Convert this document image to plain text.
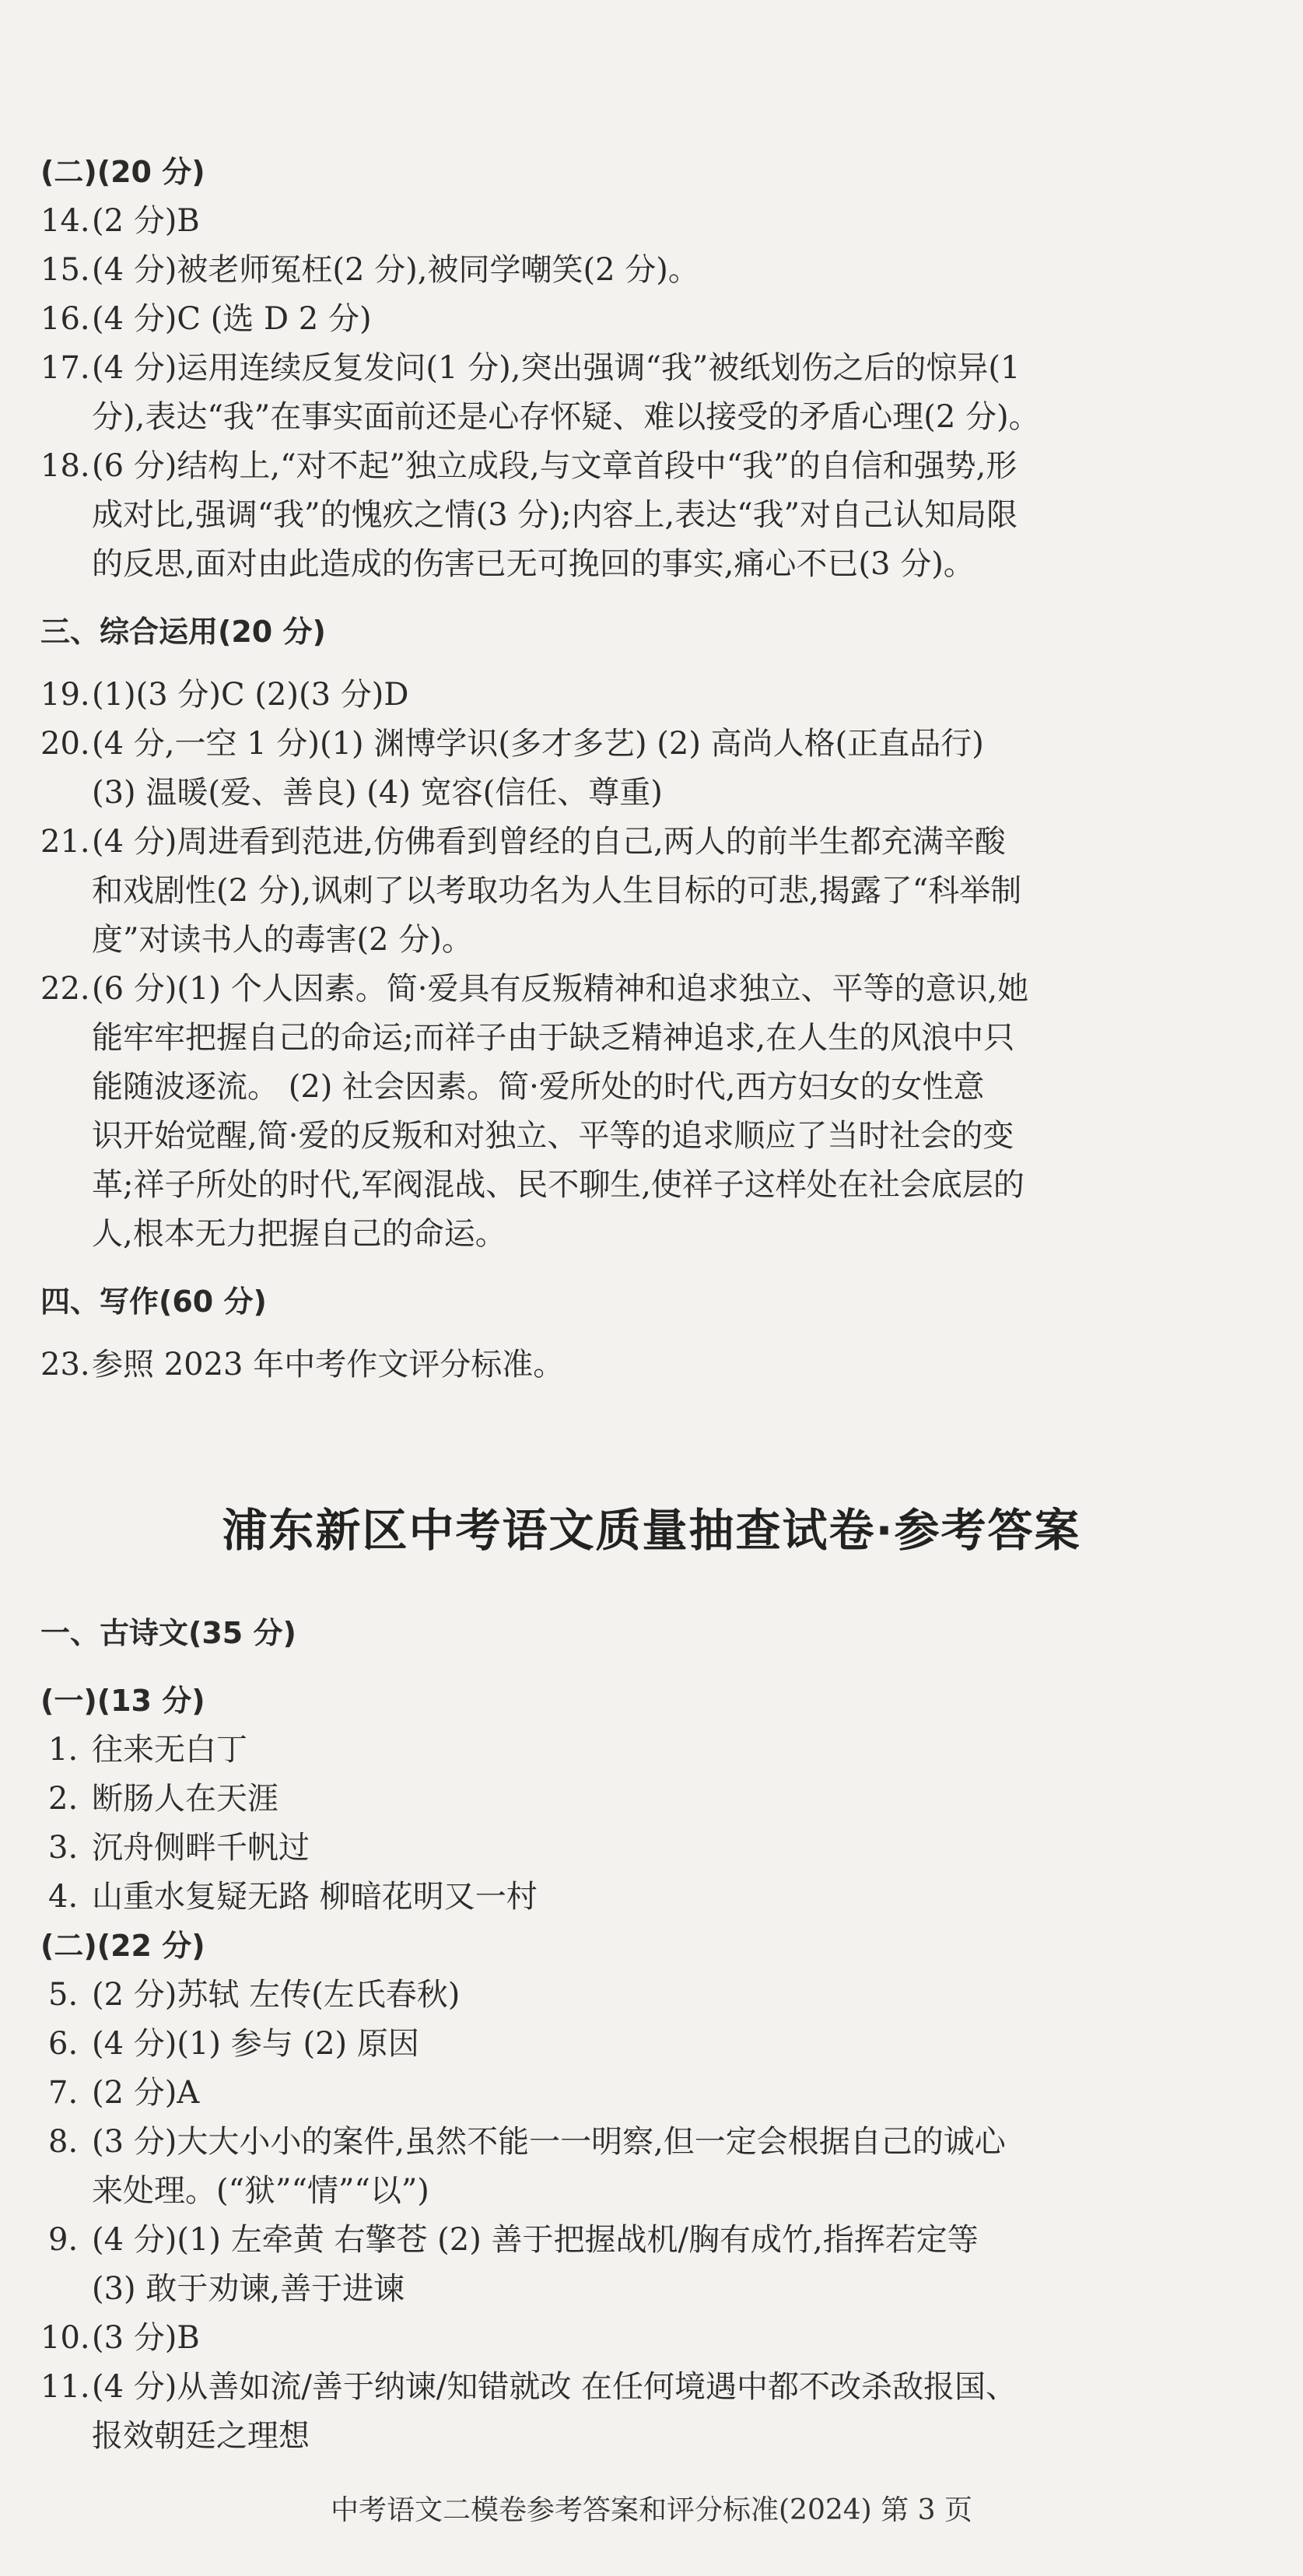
(二)(20 分)
14. (2 分)B
15. (4 分)被老师冤枉(2 分),被同学嘲笑(2 分)。
16. (4 分)C (选 D 2 分)
17. (4 分)运用连续反复发问(1 分),突出强调“我”被纸划伤之后的惊异(1
分),表达“我”在事实面前还是心存怀疑、难以接受的矛盾心理(2 分)。
18. (6 分)结构上,“对不起”独立成段,与文章首段中“我”的自信和强势,形
成对比,强调“我”的愧疚之情(3 分);内容上,表达“我”对自己认知局限
的反思,面对由此造成的伤害已无可挽回的事实,痛心不已(3 分)。
三、综合运用(20 分)
19. (1)(3 分)C (2)(3 分)D
20. (4 分,一空 1 分)(1) 渊博学识(多才多艺) (2) 高尚人格(正直品行)
(3) 温暖(爱、善良) (4) 宽容(信任、尊重)
21. (4 分)周进看到范进,仿佛看到曾经的自己,两人的前半生都充满辛酸
和戏剧性(2 分),讽刺了以考取功名为人生目标的可悲,揭露了“科举制
度”对读书人的毒害(2 分)。
22. (6 分)(1) 个人因素。简·爱具有反叛精神和追求独立、平等的意识,她
能牢牢把握自己的命运;而祥子由于缺乏精神追求,在人生的风浪中只
能随波逐流。 (2) 社会因素。简·爱所处的时代,西方妇女的女性意
识开始觉醒,简·爱的反叛和对独立、平等的追求顺应了当时社会的变
革;祥子所处的时代,军阀混战、民不聊生,使祥子这样处在社会底层的
人,根本无力把握自己的命运。
四、写作(60 分)
23. 参照 2023 年中考作文评分标准。
浦东新区中考语文质量抽查试卷·参考答案
一、古诗文(35 分)
(一)(13 分)
1. 往来无白丁
2. 断肠人在天涯
3. 沉舟侧畔千帆过
4. 山重水复疑无路 柳暗花明又一村
(二)(22 分)
5. (2 分)苏轼 左传(左氏春秋)
6. (4 分)(1) 参与 (2) 原因
7. (2 分)A
8. (3 分)大大小小的案件,虽然不能一一明察,但一定会根据自己的诚心
来处理。(“狱”“情”“以”)
9. (4 分)(1) 左牵黄 右擎苍 (2) 善于把握战机/胸有成竹,指挥若定等
(3) 敢于劝谏,善于进谏
10. (3 分)B
11. (4 分)从善如流/善于纳谏/知错就改 在任何境遇中都不改杀敌报国、
报效朝廷之理想
中考语文二模卷参考答案和评分标准(2024) 第 3 页
